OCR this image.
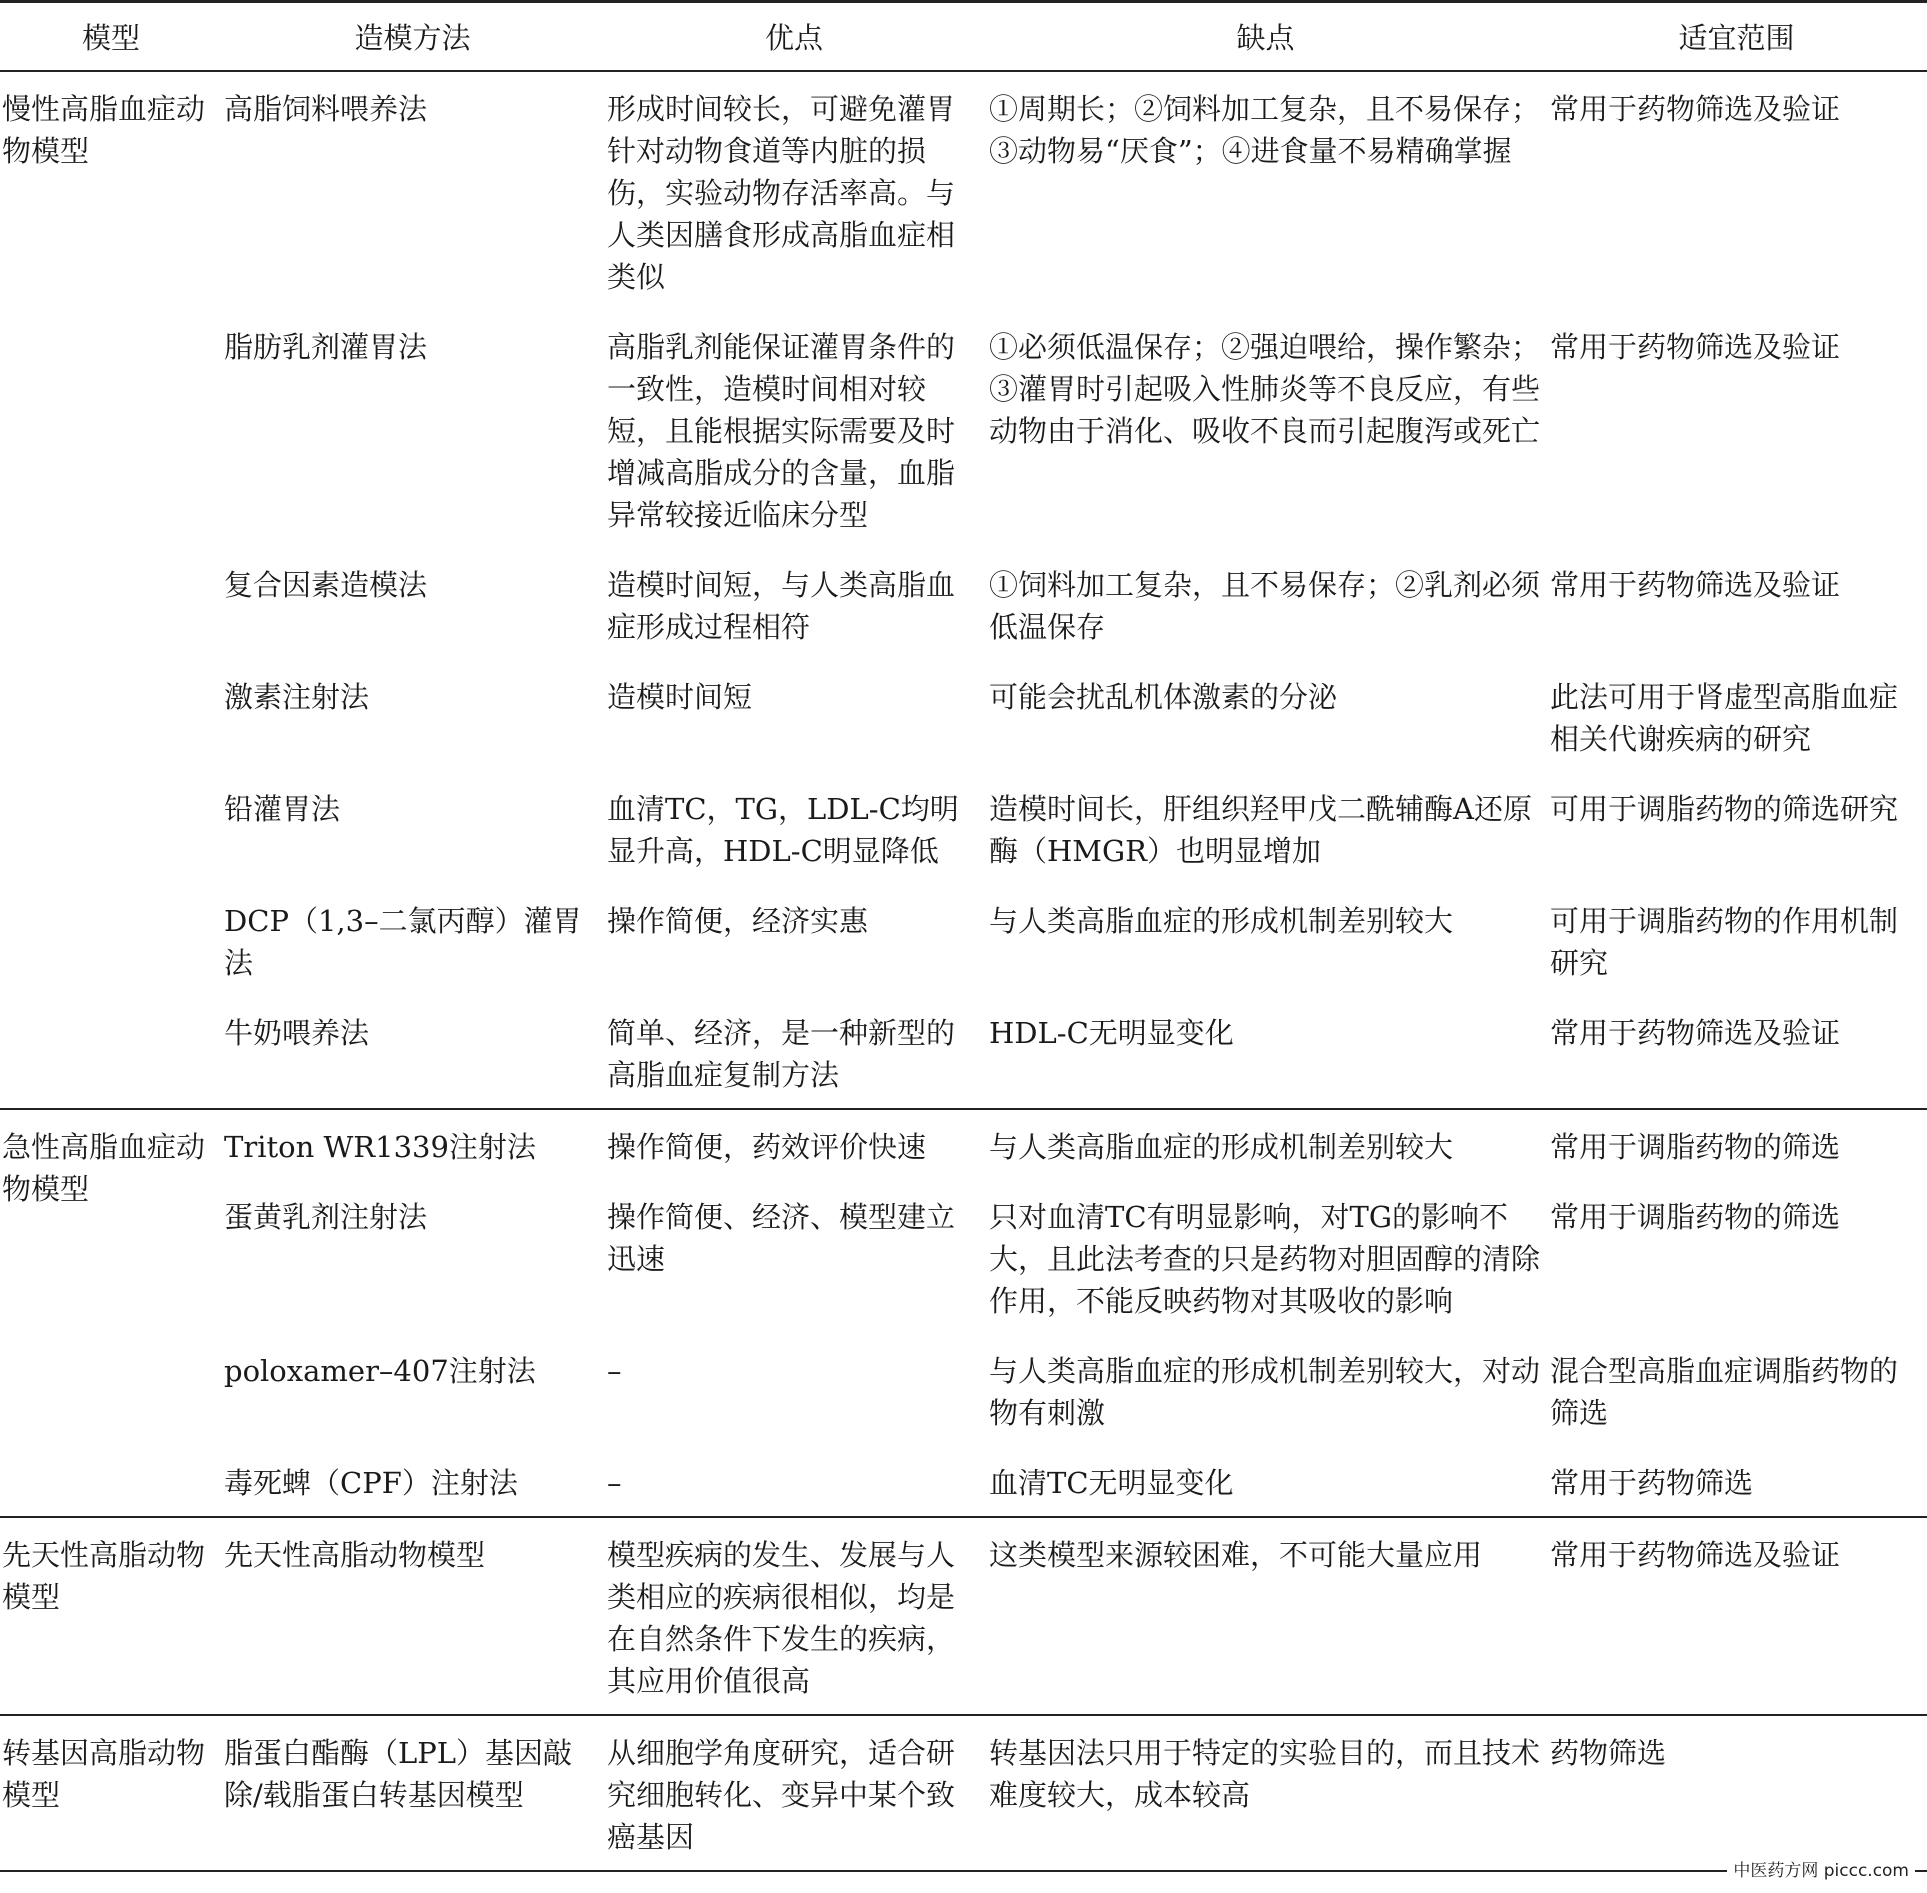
模型	造模方法	优点	缺点	适宜范围
慢性高脂血症动物模型	高脂饲料喂养法	形成时间较长，可避免灌胃针对动物食道等内脏的损伤，实验动物存活率高。与人类因膳食形成高脂血症相类似	①周期长；②饲料加工复杂，且不易保存；③动物易“厌食”；④进食量不易精确掌握	常用于药物筛选及验证
	脂肪乳剂灌胃法	高脂乳剂能保证灌胃条件的一致性，造模时间相对较短，且能根据实际需要及时增减高脂成分的含量，血脂异常较接近临床分型	①必须低温保存；②强迫喂给，操作繁杂；③灌胃时引起吸入性肺炎等不良反应，有些动物由于消化、吸收不良而引起腹泻或死亡	常用于药物筛选及验证
	复合因素造模法	造模时间短，与人类高脂血症形成过程相符	①饲料加工复杂，且不易保存；②乳剂必须低温保存	常用于药物筛选及验证
	激素注射法	造模时间短	可能会扰乱机体激素的分泌	此法可用于肾虚型高脂血症相关代谢疾病的研究
	铅灌胃法	血清TC，TG，LDL-C均明显升高，HDL-C明显降低	造模时间长，肝组织羟甲戊二酰辅酶A还原酶（HMGR）也明显增加	可用于调脂药物的筛选研究
	DCP（1,3–二氯丙醇）灌胃法	操作简便，经济实惠	与人类高脂血症的形成机制差别较大	可用于调脂药物的作用机制研究
	牛奶喂养法	简单、经济，是一种新型的高脂血症复制方法	HDL-C无明显变化	常用于药物筛选及验证
急性高脂血症动物模型	Triton WR1339注射法	操作简便，药效评价快速	与人类高脂血症的形成机制差别较大	常用于调脂药物的筛选
	蛋黄乳剂注射法	操作简便、经济、模型建立迅速	只对血清TC有明显影响，对TG的影响不大，且此法考查的只是药物对胆固醇的清除作用，不能反映药物对其吸收的影响	常用于调脂药物的筛选
	poloxamer–407注射法	–	与人类高脂血症的形成机制差别较大，对动物有刺激	混合型高脂血症调脂药物的筛选
	毒死蜱（CPF）注射法	–	血清TC无明显变化	常用于药物筛选
先天性高脂动物模型	先天性高脂动物模型	模型疾病的发生、发展与人类相应的疾病很相似，均是在自然条件下发生的疾病，其应用价值很高	这类模型来源较困难，不可能大量应用	常用于药物筛选及验证
转基因高脂动物模型	脂蛋白酯酶（LPL）基因敲除/载脂蛋白转基因模型	从细胞学角度研究，适合研究细胞转化、变异中某个致癌基因	转基因法只用于特定的实验目的，而且技术难度较大，成本较高	药物筛选
中医药方网 piccc.com
